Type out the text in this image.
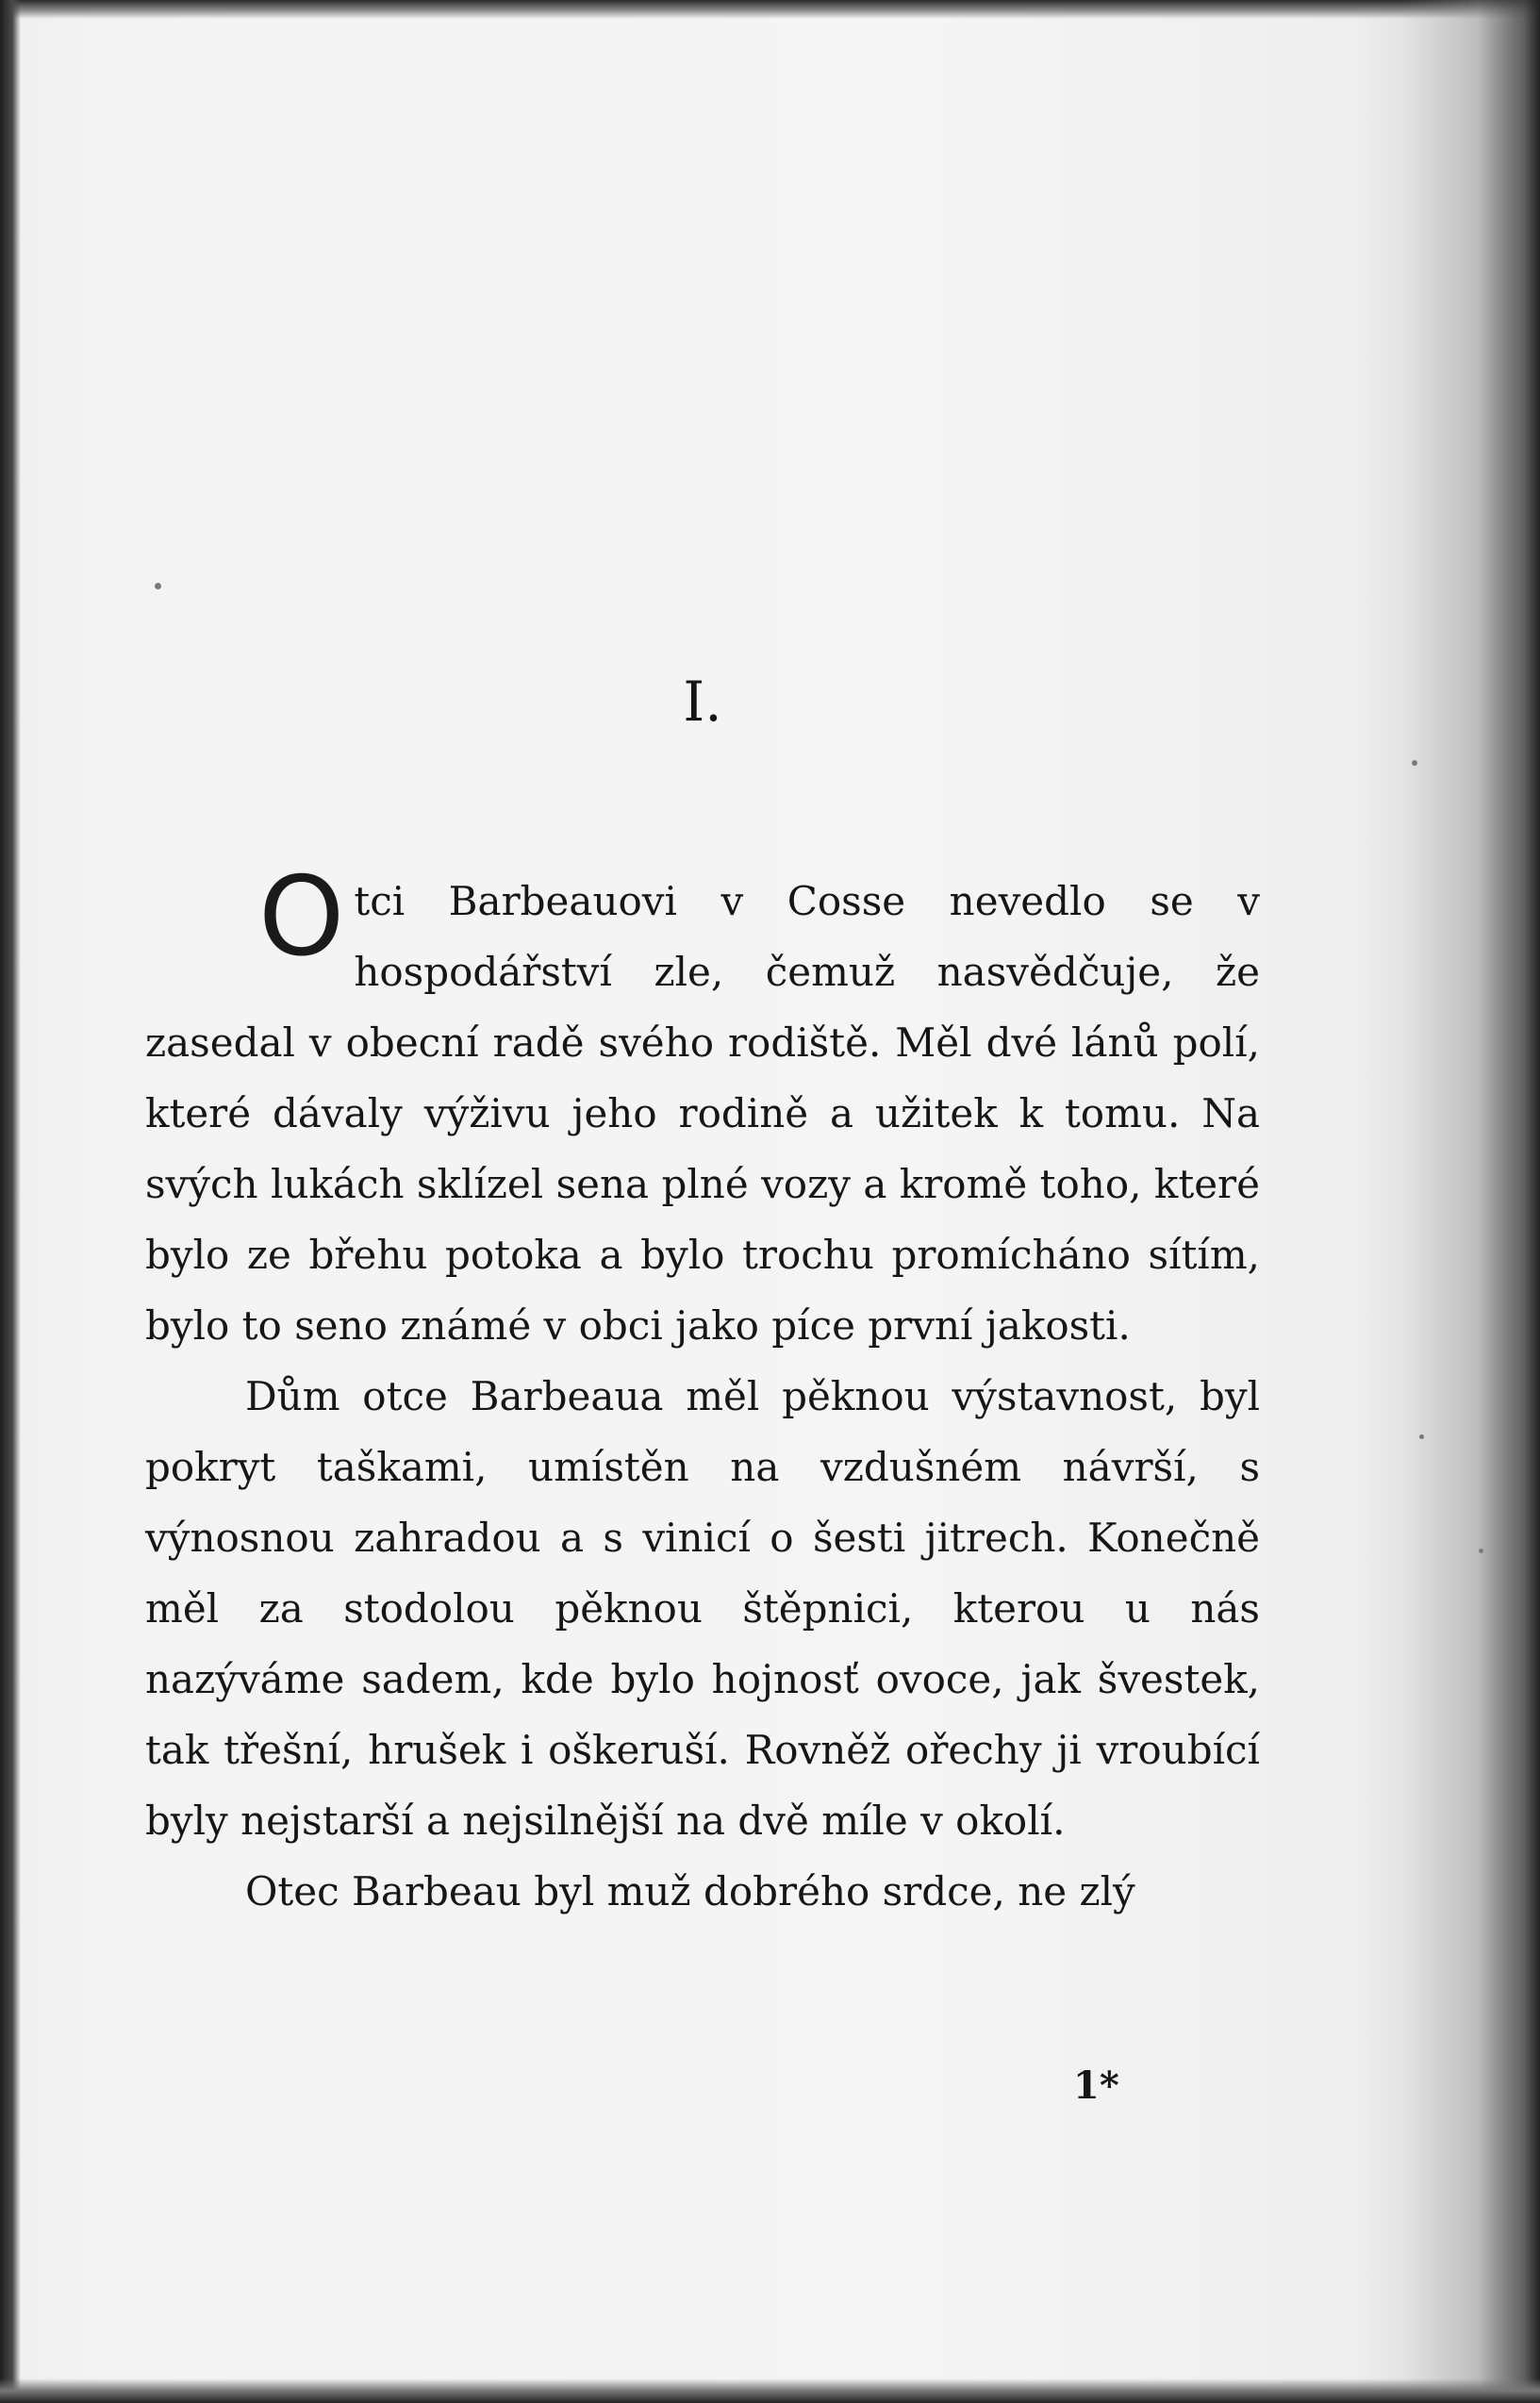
I.

Otci Barbeauovi v Cosse nevedlo se v hospodářství zle, čemuž nasvědčuje, že zasedal v obecní radě svého rodiště. Měl dvé lánů polí, které dávaly výživu jeho rodině a užitek k tomu. Na svých lukách sklízel sena plné vozy a kromě toho, které bylo ze břehu potoka a bylo trochu promícháno sítím, bylo to seno známé v obci jako píce první jakosti.

Dům otce Barbeaua měl pěknou výstavnost, byl pokryt taškami, umístěn na vzdušném návrší, s výnosnou zahradou a s vinicí o šesti jitrech. Konečně měl za stodolou pěknou štěpnici, kterou u nás nazýváme sadem, kde bylo hojnosť ovoce, jak švestek, tak třešní, hrušek i oškeruší. Rovněž ořechy ji vroubící byly nejstarší a nejsilnější na dvě míle v okolí.

Otec Barbeau byl muž dobrého srdce, ne zlý

1*
